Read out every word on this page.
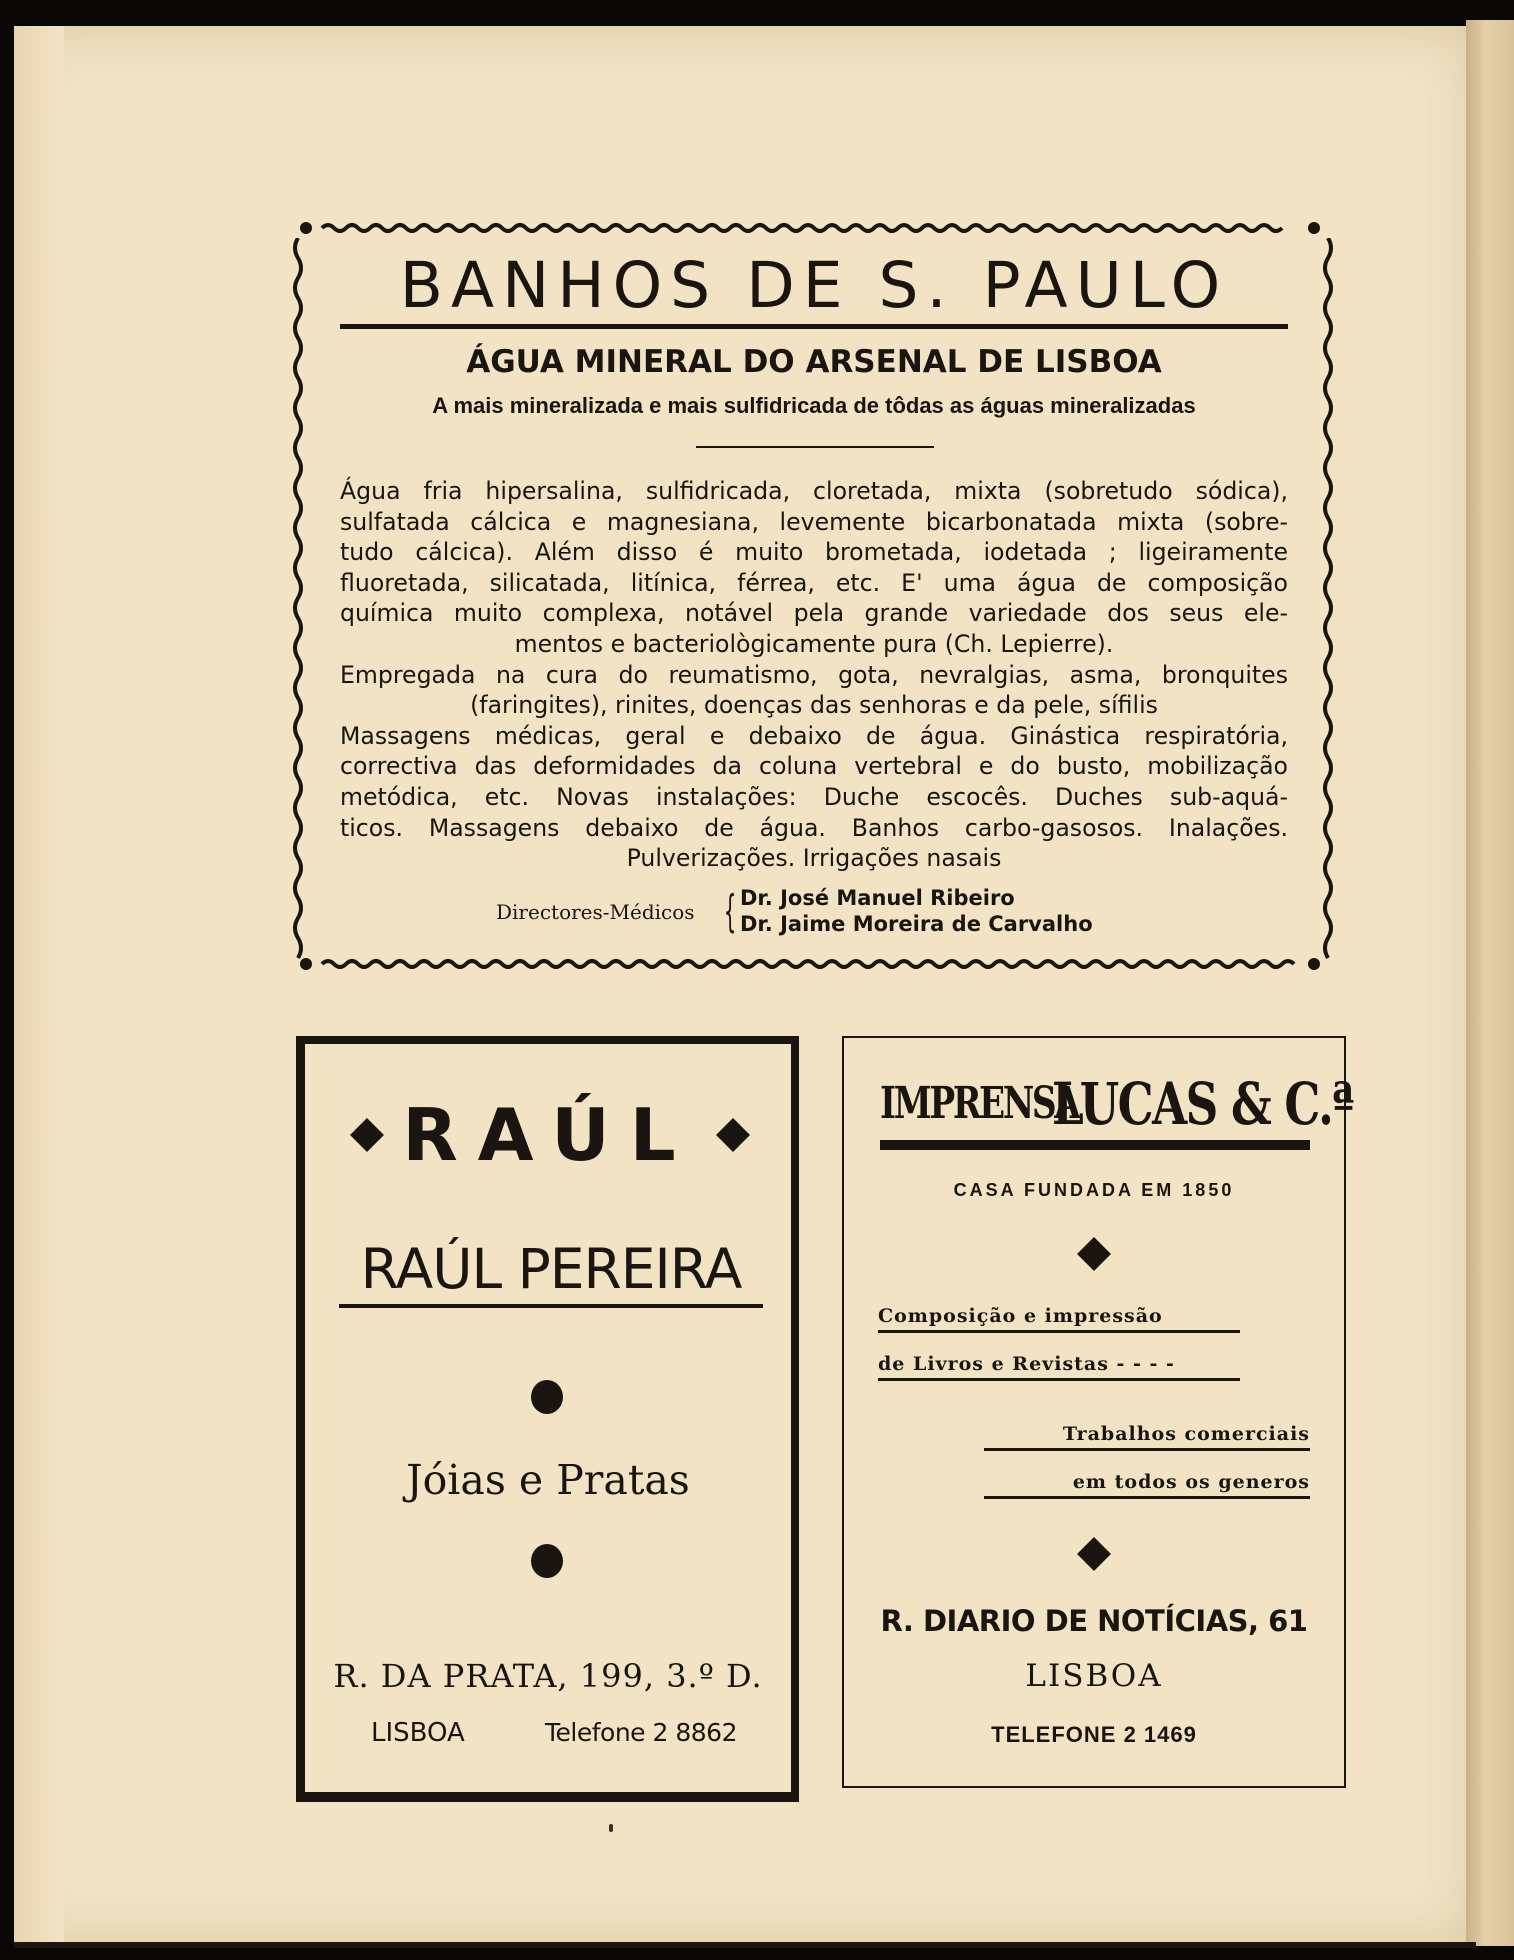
BANHOS DE S. PAULO
ÁGUA MINERAL DO ARSENAL DE LISBOA
A mais mineralizada e mais sulfidricada de tôdas as águas mineralizadas
Água fria hipersalina, sulfidricada, cloretada, mixta (sobretudo sódica),
sulfatada cálcica e magnesiana, levemente bicarbonatada mixta (sobre-
tudo cálcica). Além disso é muito brometada, iodetada ; ligeiramente
fluoretada, silicatada, litínica, férrea, etc. E' uma água de composição
química muito complexa, notável pela grande variedade dos seus ele-
mentos e bacteriològicamente pura (Ch. Lepierre).
Empregada na cura do reumatismo, gota, nevralgias, asma, bronquites
(faringites), rinites, doenças das senhoras e da pele, sífilis
Massagens médicas, geral e debaixo de água. Ginástica respiratória,
correctiva das deformidades da coluna vertebral e do busto, mobilização
metódica, etc. Novas instalações: Duche escocês. Duches sub-aquá-
ticos. Massagens debaixo de água. Banhos carbo-gasosos. Inalações.
Pulverizações. Irrigações nasais
Directores-Médicos { Dr. José Manuel Ribeiro
Dr. Jaime Moreira de Carvalho
RAÚL
RAÚL PEREIRA
Jóias e Pratas
R. DA PRATA, 199, 3.º D.
LISBOA	Telefone 2 8862
IMPRENSA
LUCAS & C.ª
CASA FUNDADA EM 1850
Composição e impressão
de Livros e Revistas - - - -
Trabalhos comerciais
em todos os generos
R. DIARIO DE NOTÍCIAS, 61
LISBOA
TELEFONE 2 1469
